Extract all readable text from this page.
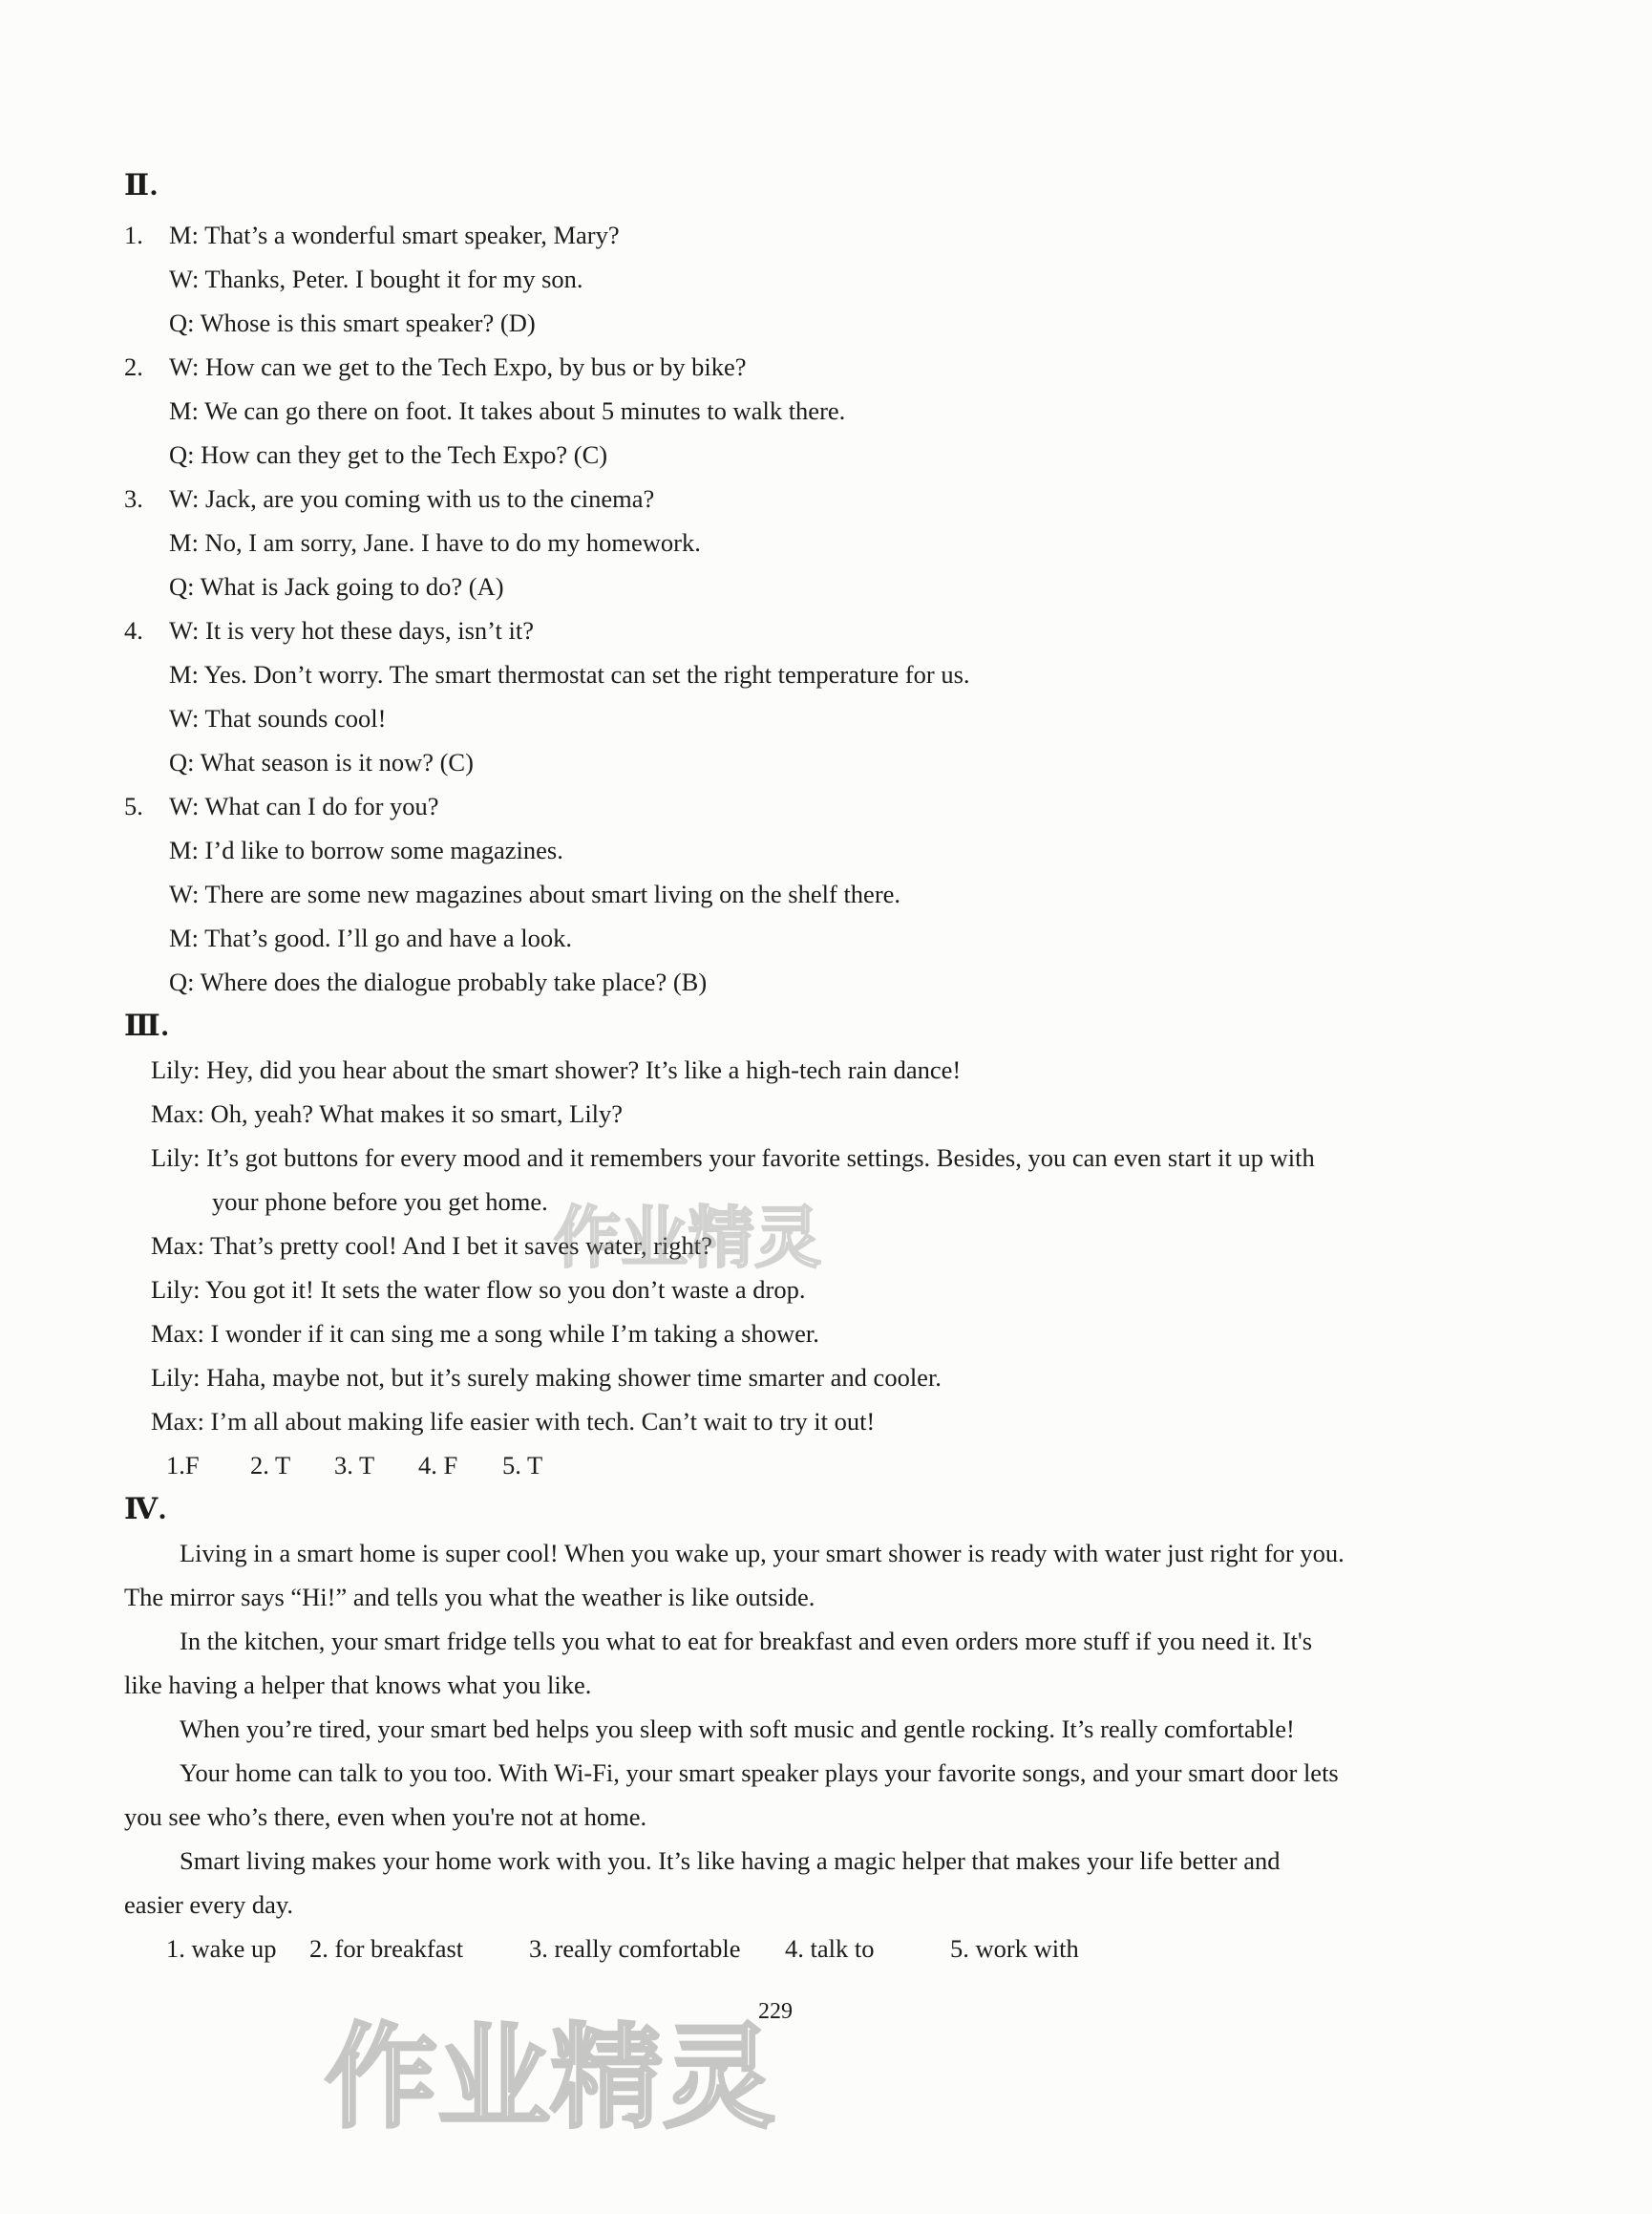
Ⅱ.
1. M: That’s a wonderful smart speaker, Mary?
W: Thanks, Peter. I bought it for my son.
Q: Whose is this smart speaker? (D)
2. W: How can we get to the Tech Expo, by bus or by bike?
M: We can go there on foot. It takes about 5 minutes to walk there.
Q: How can they get to the Tech Expo? (C)
3. W: Jack, are you coming with us to the cinema?
M: No, I am sorry, Jane. I have to do my homework.
Q: What is Jack going to do? (A)
4. W: It is very hot these days, isn’t it?
M: Yes. Don’t worry. The smart thermostat can set the right temperature for us.
W: That sounds cool!
Q: What season is it now? (C)
5. W: What can I do for you?
M: I’d like to borrow some magazines.
W: There are some new magazines about smart living on the shelf there.
M: That’s good. I’ll go and have a look.
Q: Where does the dialogue probably take place? (B)
Ⅲ.
Lily: Hey, did you hear about the smart shower? It’s like a high-tech rain dance!
Max: Oh, yeah? What makes it so smart, Lily?
Lily: It’s got buttons for every mood and it remembers your favorite settings. Besides, you can even start it up with
your phone before you get home.
Max: That’s pretty cool! And I bet it saves water, right?
Lily: You got it! It sets the water flow so you don’t waste a drop.
Max: I wonder if it can sing me a song while I’m taking a shower.
Lily: Haha, maybe not, but it’s surely making shower time smarter and cooler.
Max: I’m all about making life easier with tech. Can’t wait to try it out!
1.F 2. T 3. T 4. F 5. T
Ⅳ.
Living in a smart home is super cool! When you wake up, your smart shower is ready with water just right for you.
The mirror says “Hi!” and tells you what the weather is like outside.
In the kitchen, your smart fridge tells you what to eat for breakfast and even orders more stuff if you need it. It's
like having a helper that knows what you like.
When you’re tired, your smart bed helps you sleep with soft music and gentle rocking. It’s really comfortable!
Your home can talk to you too. With Wi-Fi, your smart speaker plays your favorite songs, and your smart door lets
you see who’s there, even when you're not at home.
Smart living makes your home work with you. It’s like having a magic helper that makes your life better and
easier every day.
1. wake up 2. for breakfast	3. really comfortable 4. talk to	5. work with
229
作业精灵
作业精灵
